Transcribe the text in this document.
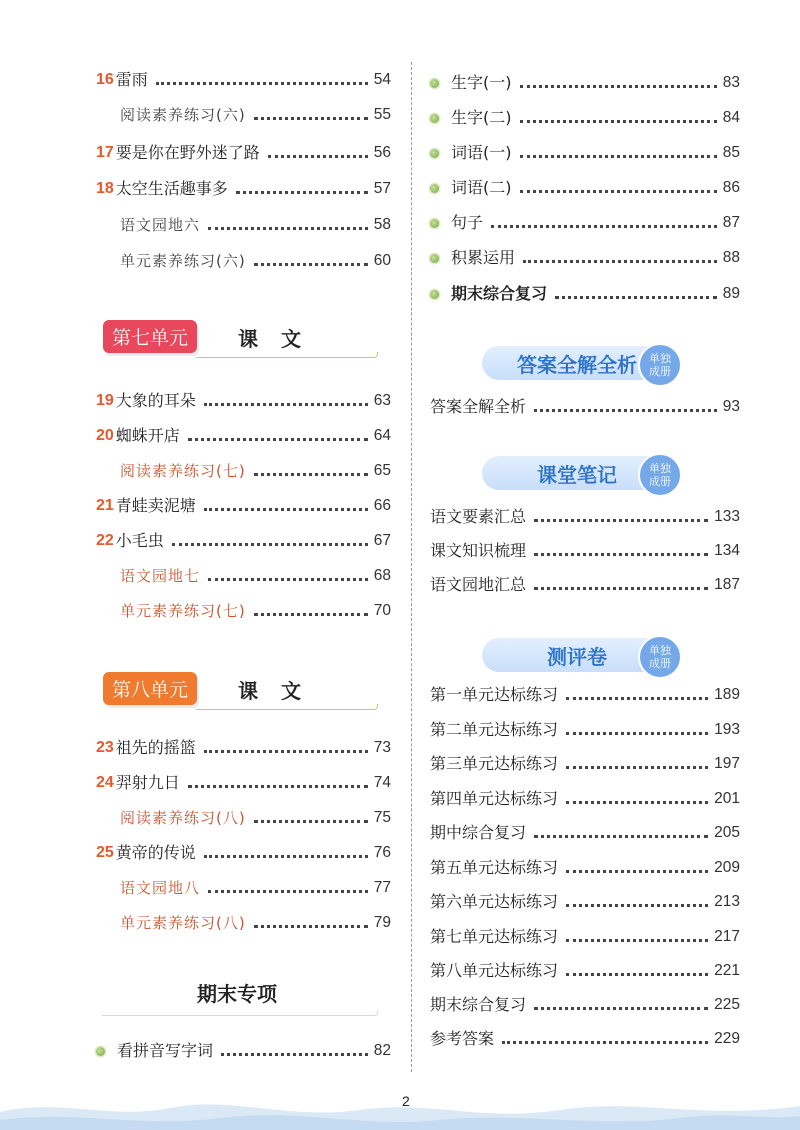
16 雷雨	54
阅读素养练习(六)	55
17 要是你在野外迷了路	56
18 太空生活趣事多	57
语文园地六	58
单元素养练习(六)	60
第七单元	课 文
19 大象的耳朵	63
20 蜘蛛开店	64
阅读素养练习(七)	65
21 青蛙卖泥塘	66
22 小毛虫	67
语文园地七	68
单元素养练习(七)	70
第八单元	课 文
23 祖先的摇篮	73
24 羿射九日	74
阅读素养练习(八)	75
25 黄帝的传说	76
语文园地八	77
单元素养练习(八)	79
期末专项
看拼音写字词	82
生字(一)	83
生字(二)	84
词语(一)	85
词语(二)	86
句子	87
积累运用	88
期末综合复习	89
答案全解全析 单独
成册
答案全解全析	93
课堂笔记	单独
成册
语文要素汇总	133
课文知识梳理	134
语文园地汇总	187
测评卷	单独
成册
第一单元达标练习	189
第二单元达标练习	193
第三单元达标练习	197
第四单元达标练习	201
期中综合复习	205
第五单元达标练习	209
第六单元达标练习	213
第七单元达标练习	217
第八单元达标练习	221
期末综合复习	225
参考答案	229
2
